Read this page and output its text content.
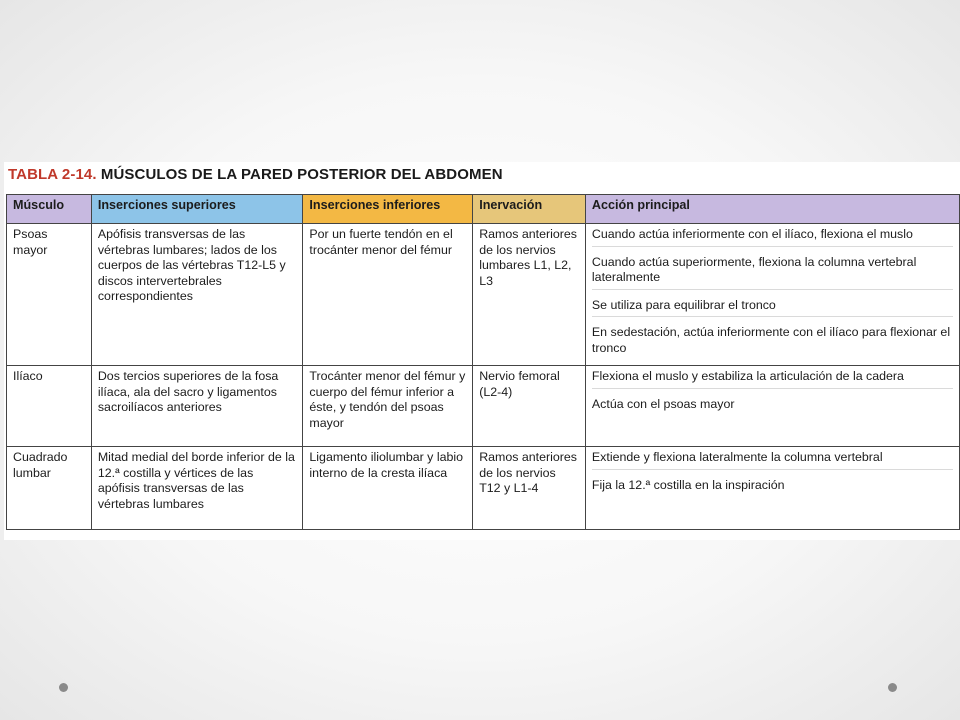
TABLA 2-14. MÚSCULOS DE LA PARED POSTERIOR DEL ABDOMEN
Músculo	Inserciones superiores	Inserciones inferiores	Inervación	Acción principal
Psoas mayor	Apófisis transversas de las vértebras lumbares; lados de los cuerpos de las vértebras T12-L5 y discos intervertebrales correspondientes	Por un fuerte tendón en el trocánter menor del fémur	Ramos anteriores de los nervios lumbares L1, L2, L3	Cuando actúa inferiormente con el ilíaco, flexiona el muslo

Cuando actúa superiormente, flexiona la columna vertebral lateralmente

Se utiliza para equilibrar el tronco

En sedestación, actúa inferiormente con el ilíaco para flexionar el tronco

Ilíaco	Dos tercios superiores de la fosa ilíaca, ala del sacro y ligamentos sacroilíacos anteriores	Trocánter menor del fémur y cuerpo del fémur inferior a éste, y tendón del psoas mayor	Nervio femoral (L2-4)	Flexiona el muslo y estabiliza la articulación de la cadera

Actúa con el psoas mayor

Cuadrado lumbar	Mitad medial del borde inferior de la 12.ª costilla y vértices de las apófisis transversas de las vértebras lumbares	Ligamento iliolumbar y labio interno de la cresta ilíaca	Ramos anteriores de los nervios T12 y L1-4	Extiende y flexiona lateralmente la columna vertebral

Fija la 12.ª costilla en la inspiración
